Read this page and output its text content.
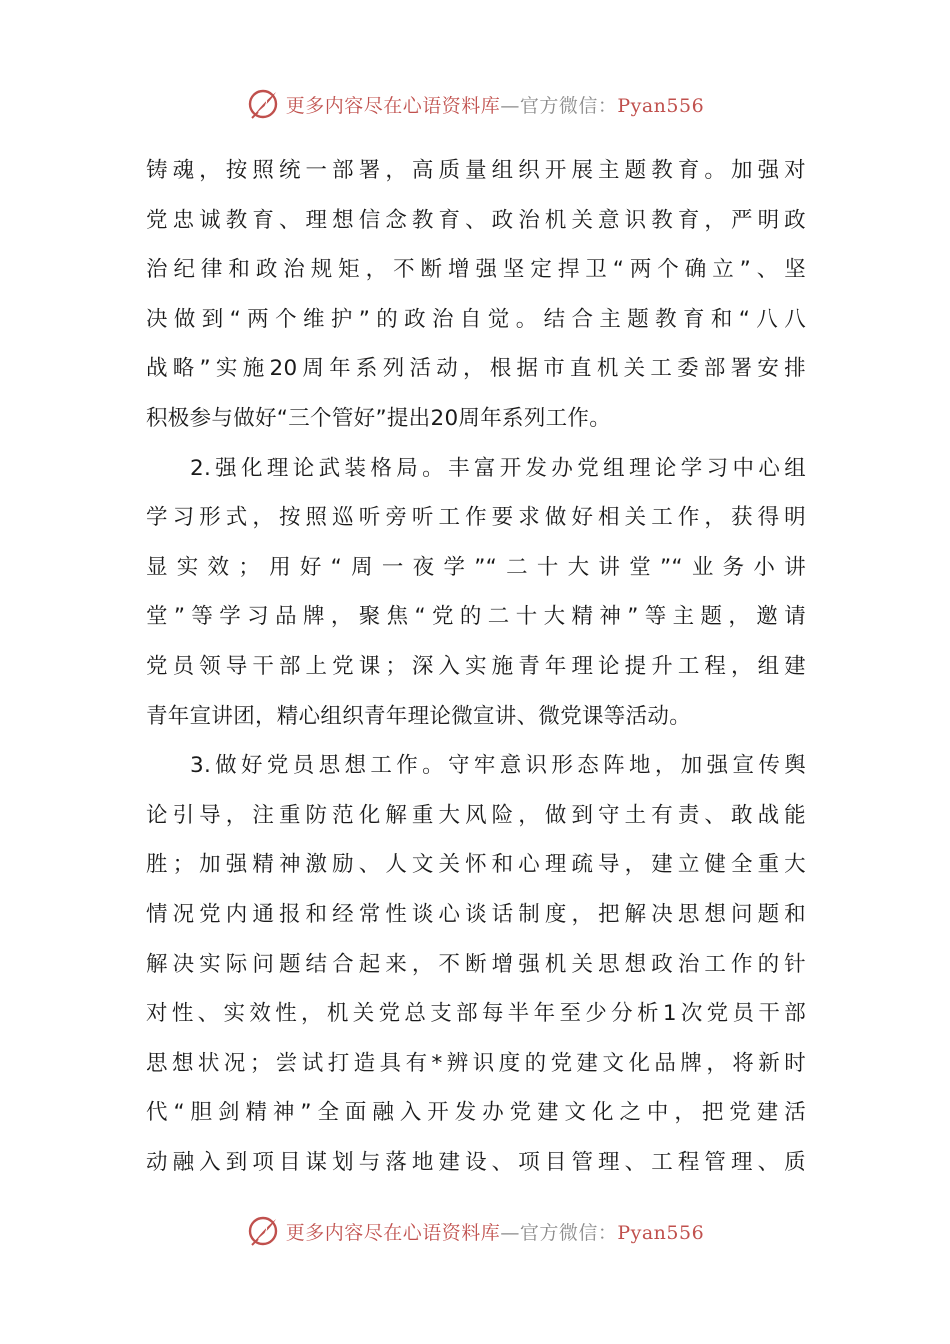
更多内容尽在心语资料库—官方微信：Pyan556
铸魂，按照统一部署，高质量组织开展主题教育。加强对
党忠诚教育、理想信念教育、政治机关意识教育，严明政
治纪律和政治规矩，不断增强坚定捍卫“两个确立”、坚
决做到“两个维护”的政治自觉。结合主题教育和“八八
战略”实施20周年系列活动，根据市直机关工委部署安排
积极参与做好“三个管好”提出20周年系列工作。
2.强化理论武装格局。丰富开发办党组理论学习中心组
学习形式，按照巡听旁听工作要求做好相关工作，获得明
显实效；用好“周一夜学”“二十大讲堂”“业务小讲
堂”等学习品牌，聚焦“党的二十大精神”等主题，邀请
党员领导干部上党课；深入实施青年理论提升工程，组建
青年宣讲团，精心组织青年理论微宣讲、微党课等活动。
3.做好党员思想工作。守牢意识形态阵地，加强宣传舆
论引导，注重防范化解重大风险，做到守土有责、敢战能
胜；加强精神激励、人文关怀和心理疏导，建立健全重大
情况党内通报和经常性谈心谈话制度，把解决思想问题和
解决实际问题结合起来，不断增强机关思想政治工作的针
对性、实效性，机关党总支部每半年至少分析1次党员干部
思想状况；尝试打造具有*辨识度的党建文化品牌，将新时
代“胆剑精神”全面融入开发办党建文化之中，把党建活
动融入到项目谋划与落地建设、项目管理、工程管理、质
更多内容尽在心语资料库—官方微信：Pyan556
